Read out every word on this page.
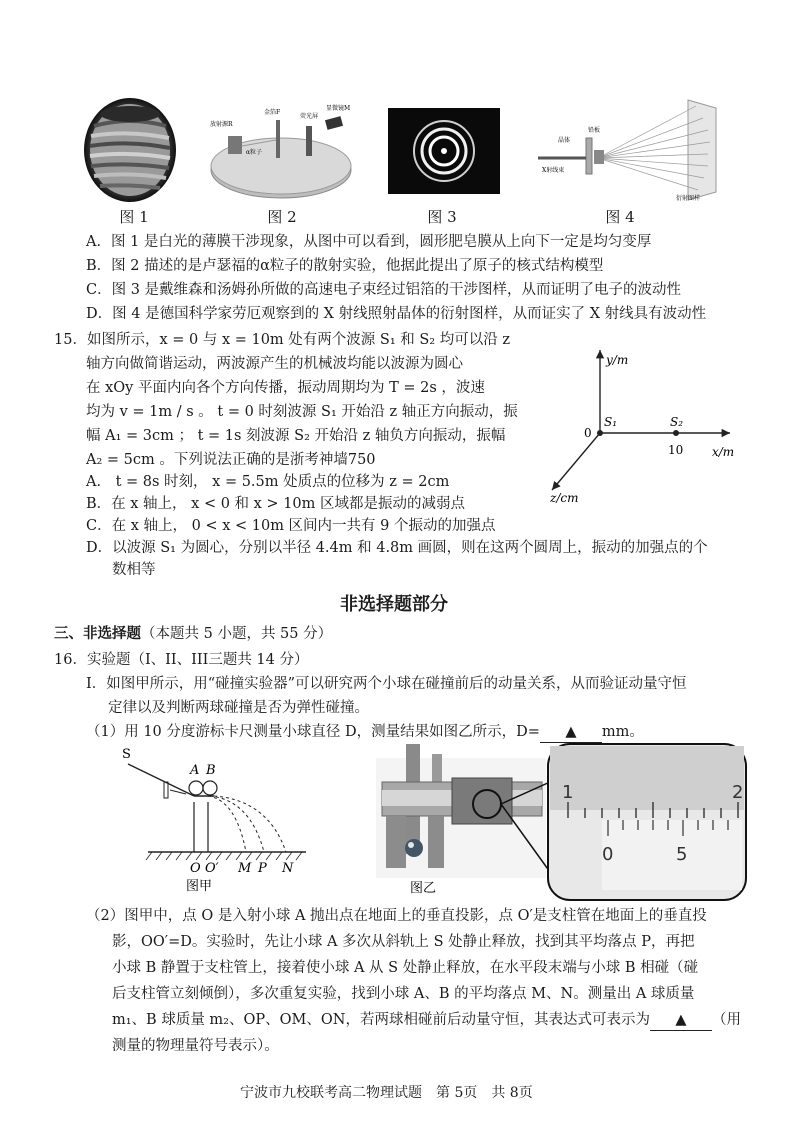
放射源R
金箔F
荧光屏
显微镜M
α粒子
铅板
晶体
X射线束
衍射图样
图 1	图 2	图 3	图 4
A．图 1 是白光的薄膜干涉现象，从图中可以看到，圆形肥皂膜从上向下一定是均匀变厚
B．图 2 描述的是卢瑟福的α粒子的散射实验，他据此提出了原子的核式结构模型
C．图 3 是戴维森和汤姆孙所做的高速电子束经过铝箔的干涉图样，从而证明了电子的波动性
D．图 4 是德国科学家劳厄观察到的 X 射线照射晶体的衍射图样，从而证实了 X 射线具有波动性
15．如图所示，x = 0 与 x = 10m 处有两个波源 S₁ 和 S₂ 均可以沿 z
轴方向做简谐运动，两波源产生的机械波均能以波源为圆心
在 xOy 平面内向各个方向传播，振动周期均为 T = 2s ，波速
均为 v = 1m / s 。 t = 0 时刻波源 S₁ 开始沿 z 轴正方向振动，振
幅 A₁ = 3cm ； t = 1s 刻波源 S₂ 开始沿 z 轴负方向振动，振幅
A₂ = 5cm 。下列说法正确的是浙考神墙750
A． t = 8s 时刻， x = 5.5m 处质点的位移为 z = 2cm
B．在 x 轴上， x < 0 和 x > 10m 区域都是振动的减弱点
C．在 x 轴上， 0 < x < 10m 区间内一共有 9 个振动的加强点
D．以波源 S₁ 为圆心，分别以半径 4.4m 和 4.8m 画圆，则在这两个圆周上，振动的加强点的个
数相等
y/m
x/m
z/cm
0
S₁	S₂
10
非选择题部分
三、非选择题（本题共 5 小题，共 55 分）
16．实验题（I、II、III三题共 14 分）
I．如图甲所示，用“碰撞实验器”可以研究两个小球在碰撞前后的动量关系，从而验证动量守恒
定律以及判断两球碰撞是否为弹性碰撞。
（1）用 10 分度游标卡尺测量小球直径 D，测量结果如图乙所示，D= ▲ mm。
S
A B
O O′ M P N
图甲
1	2
0	5
图乙
（2）图甲中，点 O 是入射小球 A 抛出点在地面上的垂直投影，点 O′是支柱管在地面上的垂直投
影，OO′=D。实验时，先让小球 A 多次从斜轨上 S 处静止释放，找到其平均落点 P，再把
小球 B 静置于支柱管上，接着使小球 A 从 S 处静止释放，在水平段末端与小球 B 相碰（碰
后支柱管立刻倾倒），多次重复实验，找到小球 A、B 的平均落点 M、N。测量出 A 球质量
m₁、B 球质量 m₂、OP、OM、ON，若两球相碰前后动量守恒，其表达式可表示为 ▲ （用
测量的物理量符号表示）。
宁波市九校联考高二物理试题　第 5页　共 8页
